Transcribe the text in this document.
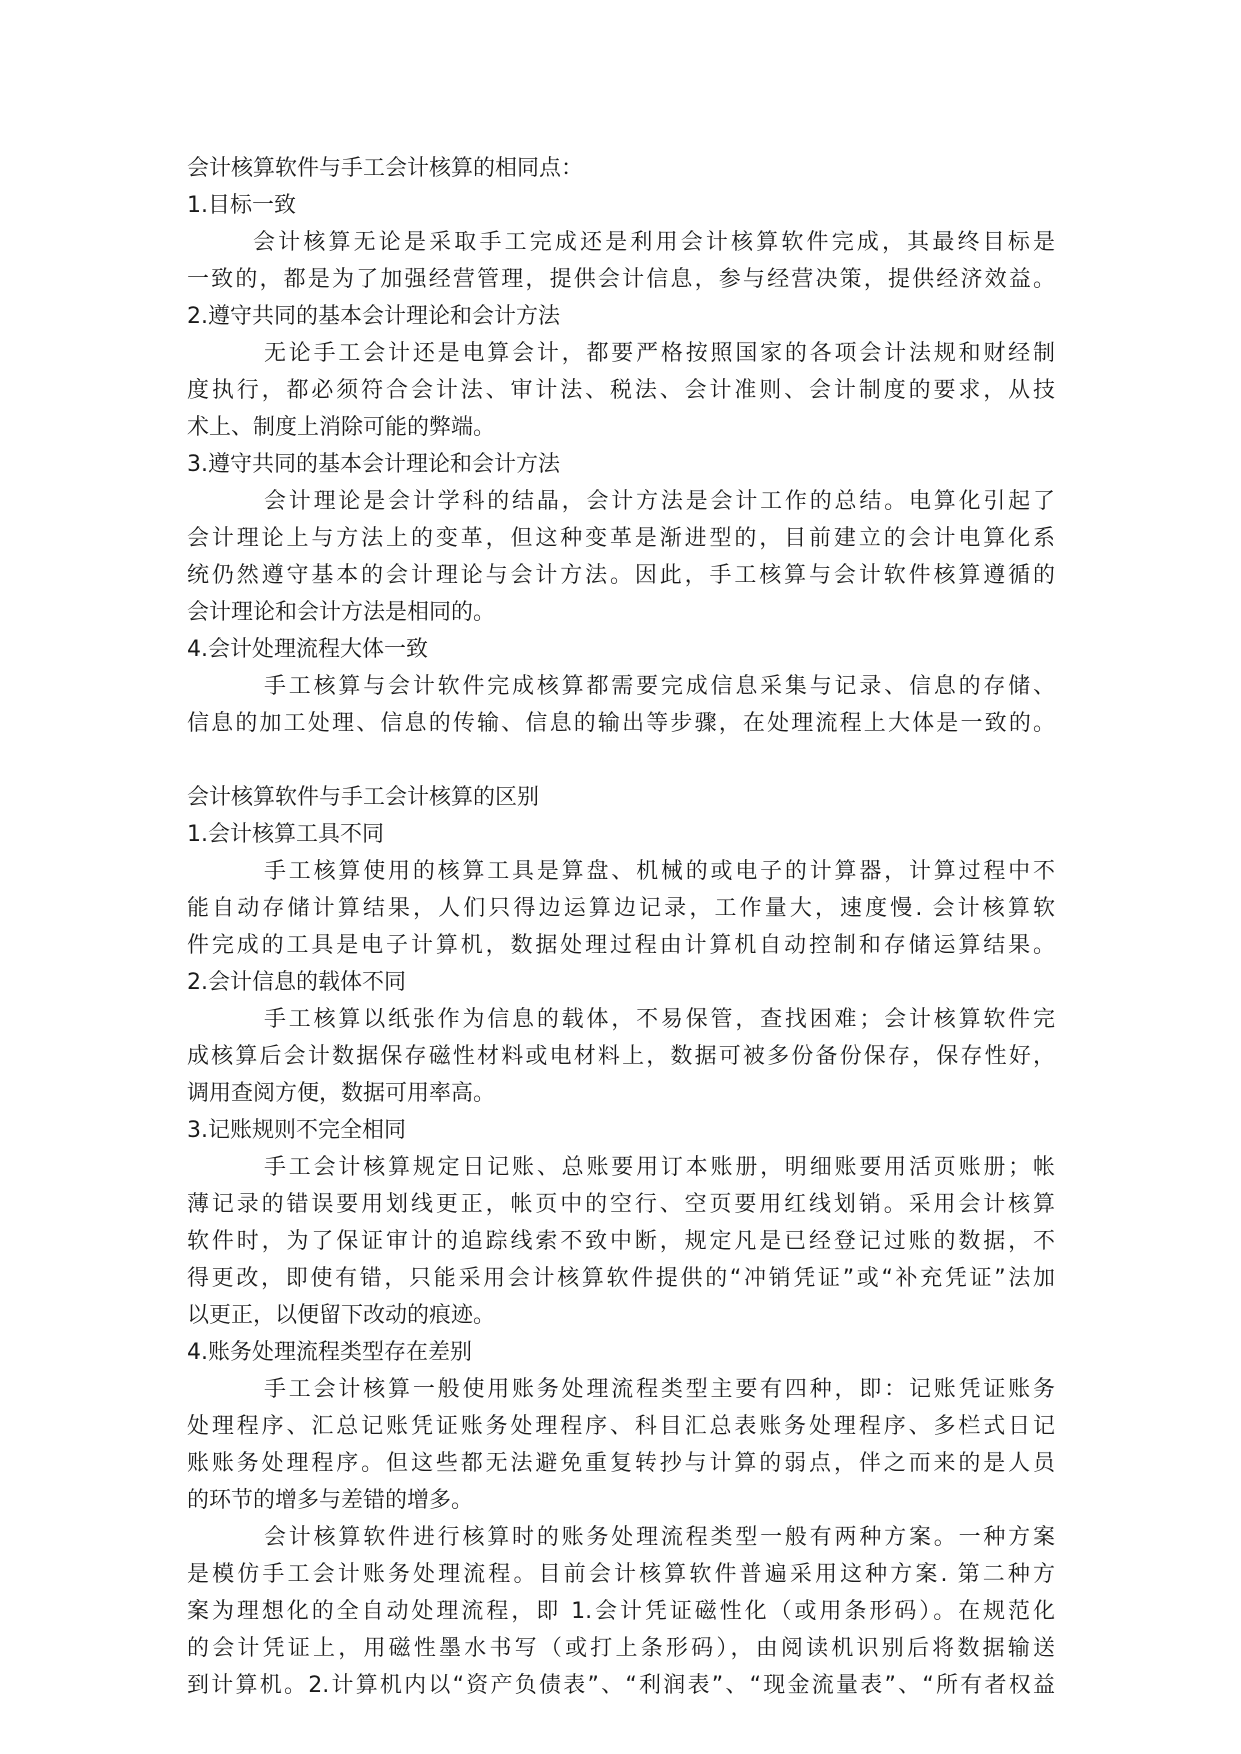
会计核算软件与手工会计核算的相同点：
1.目标一致
会计核算无论是采取手工完成还是利用会计核算软件完成，其最终目标是
一致的，都是为了加强经营管理，提供会计信息，参与经营决策，提供经济效益。
2.遵守共同的基本会计理论和会计方法
无论手工会计还是电算会计，都要严格按照国家的各项会计法规和财经制
度执行，都必须符合会计法、审计法、税法、会计准则、会计制度的要求，从技
术上、制度上消除可能的弊端。
3.遵守共同的基本会计理论和会计方法
会计理论是会计学科的结晶，会计方法是会计工作的总结。电算化引起了
会计理论上与方法上的变革，但这种变革是渐进型的，目前建立的会计电算化系
统仍然遵守基本的会计理论与会计方法。因此，手工核算与会计软件核算遵循的
会计理论和会计方法是相同的。
4.会计处理流程大体一致
手工核算与会计软件完成核算都需要完成信息采集与记录、信息的存储、
信息的加工处理、信息的传输、信息的输出等步骤，在处理流程上大体是一致的。
会计核算软件与手工会计核算的区别
1.会计核算工具不同
手工核算使用的核算工具是算盘、机械的或电子的计算器，计算过程中不
能自动存储计算结果，人们只得边运算边记录，工作量大，速度慢. 会计核算软
件完成的工具是电子计算机，数据处理过程由计算机自动控制和存储运算结果。
2.会计信息的载体不同
手工核算以纸张作为信息的载体，不易保管，查找困难；会计核算软件完
成核算后会计数据保存磁性材料或电材料上，数据可被多份备份保存，保存性好，
调用查阅方便，数据可用率高。
3.记账规则不完全相同
手工会计核算规定日记账、总账要用订本账册，明细账要用活页账册；帐
薄记录的错误要用划线更正，帐页中的空行、空页要用红线划销。采用会计核算
软件时，为了保证审计的追踪线索不致中断，规定凡是已经登记过账的数据，不
得更改，即使有错，只能采用会计核算软件提供的“冲销凭证”或“补充凭证”法加
以更正，以便留下改动的痕迹。
4.账务处理流程类型存在差别
手工会计核算一般使用账务处理流程类型主要有四种，即：记账凭证账务
处理程序、汇总记账凭证账务处理程序、科目汇总表账务处理程序、多栏式日记
账账务处理程序。但这些都无法避免重复转抄与计算的弱点，伴之而来的是人员
的环节的增多与差错的增多。
会计核算软件进行核算时的账务处理流程类型一般有两种方案。一种方案
是模仿手工会计账务处理流程。目前会计核算软件普遍采用这种方案. 第二种方
案为理想化的全自动处理流程，即 1.会计凭证磁性化（或用条形码）。在规范化
的会计凭证上，用磁性墨水书写（或打上条形码），由阅读机识别后将数据输送
到计算机。2.计算机内以“资产负债表”、“利润表”、“现金流量表”、“所有者权益
